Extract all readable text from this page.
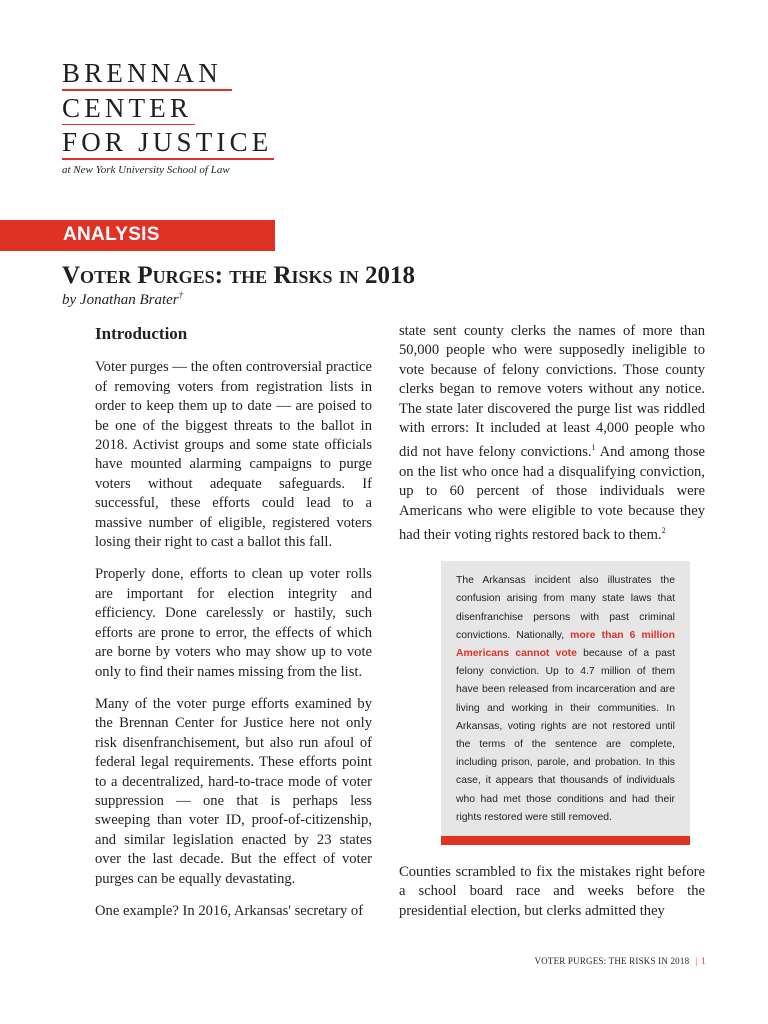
BRENNAN
CENTER
FOR JUSTICE
at New York University School of Law
ANALYSIS
Voter Purges: the Risks in 2018
by Jonathan Brater†
Introduction

Voter purges — the often controversial practice of removing voters from registration lists in order to keep them up to date — are poised to be one of the biggest threats to the ballot in 2018. Activist groups and some state officials have mounted alarming campaigns to purge voters without adequate safeguards. If successful, these efforts could lead to a massive number of eligible, registered voters losing their right to cast a ballot this fall.

Properly done, efforts to clean up voter rolls are important for election integrity and efficiency. Done carelessly or hastily, such efforts are prone to error, the effects of which are borne by voters who may show up to vote only to find their names missing from the list.

Many of the voter purge efforts examined by the Brennan Center for Justice here not only risk disenfranchisement, but also run afoul of federal legal requirements. These efforts point to a decentralized, hard-to-trace mode of voter suppression — one that is perhaps less sweeping than voter ID, proof-of-citizenship, and similar legislation enacted by 23 states over the last decade. But the effect of voter purges can be equally devastating.

One example? In 2016, Arkansas' secretary of

state sent county clerks the names of more than 50,000 people who were supposedly ineligible to vote because of felony convictions. Those county clerks began to remove voters without any notice. The state later discovered the purge list was riddled with errors: It included at least 4,000 people who did not have felony convictions.$^1$ And among those on the list who once had a disqualifying conviction, up to 60 percent of those individuals were Americans who were eligible to vote because they had their voting rights restored back to them.$^2$

The Arkansas incident also illustrates the confusion arising from many state laws that disenfranchise persons with past criminal convictions. Nationally, more than 6 million Americans cannot vote because of a past felony conviction. Up to 4.7 million of them have been released from incarceration and are living and working in their communities. In Arkansas, voting rights are not restored until the terms of the sentence are complete, including prison, parole, and probation. In this case, it appears that thousands of individuals who had met those conditions and had their rights restored were still removed.

Counties scrambled to fix the mistakes right before a school board race and weeks before the presidential election, but clerks admitted they

VOTER PURGES: THE RISKS IN 2018 | 1
